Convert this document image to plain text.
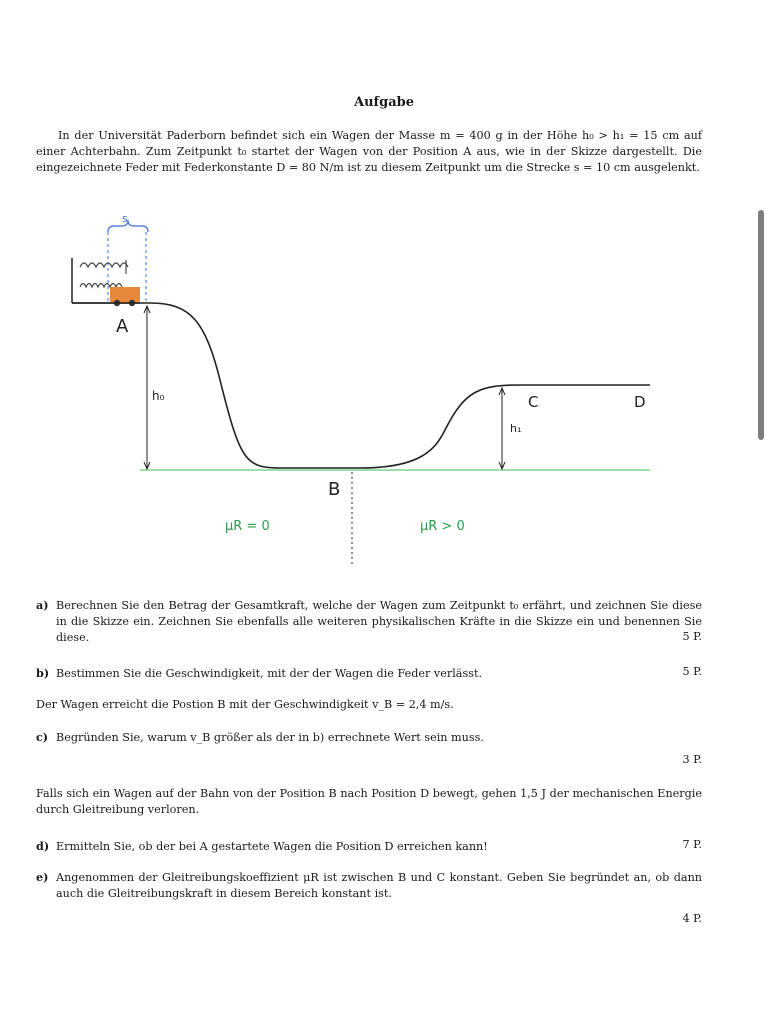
Aufgabe
In der Universität Paderborn befindet sich ein Wagen der Masse m = 400 g in der Höhe h₀ > h₁ = 15 cm auf einer Achterbahn. Zum Zeitpunkt t₀ startet der Wagen von der Position A aus, wie in der Skizze dargestellt. Die eingezeichnete Feder mit Federkonstante D = 80 N/m ist zu diesem Zeitpunkt um die Strecke s = 10 cm ausgelenkt.
s
A
B
C	D
h₀
h₁
μR = 0	μR > 0
a) Berechnen Sie den Betrag der Gesamtkraft, welche der Wagen zum Zeitpunkt t₀ erfährt, und zeichnen Sie diese in die Skizze ein. Zeichnen Sie ebenfalls alle weiteren physikalischen Kräfte in die Skizze ein und benennen Sie diese.	5 P.
b) Bestimmen Sie die Geschwindigkeit, mit der der Wagen die Feder verlässt.	5 P.
Der Wagen erreicht die Postion B mit der Geschwindigkeit v_B = 2,4 m/s.
c) Begründen Sie, warum v_B größer als der in b) errechnete Wert sein muss.
3 P.
Falls sich ein Wagen auf der Bahn von der Position B nach Position D bewegt, gehen 1,5 J der mechanischen Energie durch Gleitreibung verloren.
d) Ermitteln Sie, ob der bei A gestartete Wagen die Position D erreichen kann!	7 P.
e) Angenommen der Gleitreibungskoeffizient μR ist zwischen B und C konstant. Geben Sie begründet an, ob dann auch die Gleitreibungskraft in diesem Bereich konstant ist.
4 P.
